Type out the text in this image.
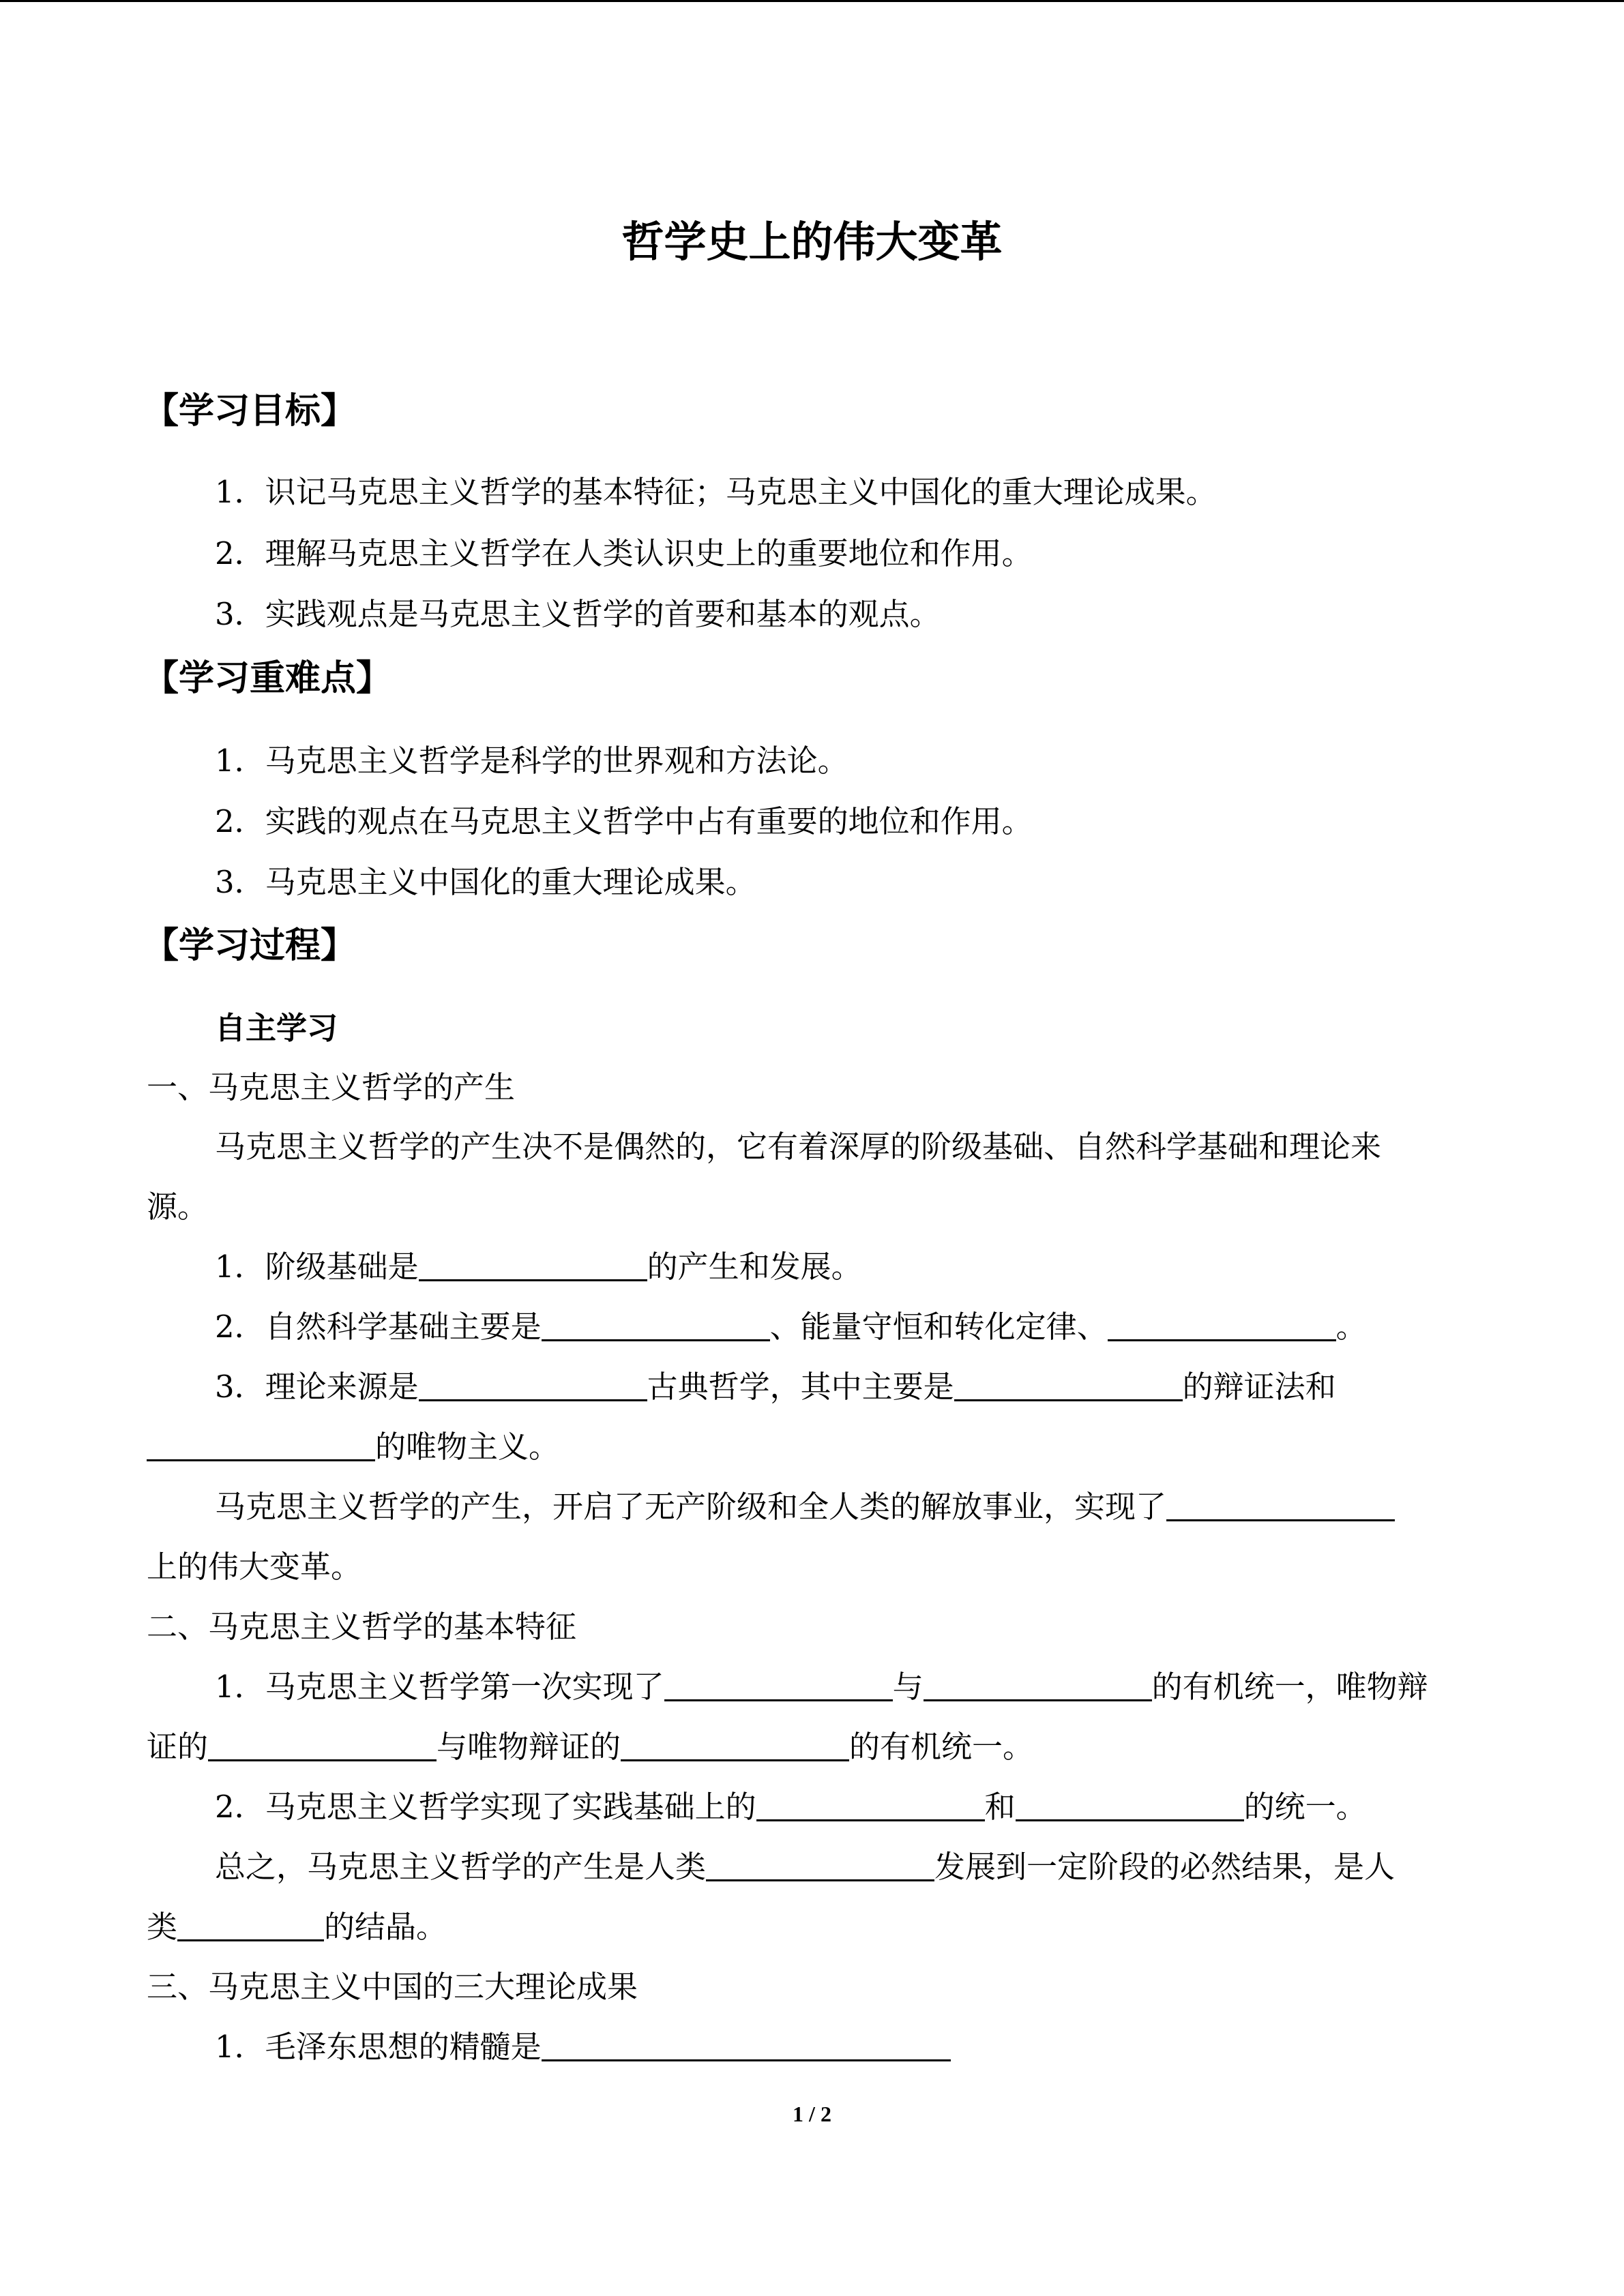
哲学史上的伟大变革
【学习目标】
1．识记马克思主义哲学的基本特征；马克思主义中国化的重大理论成果。
2．理解马克思主义哲学在人类认识史上的重要地位和作用。
3．实践观点是马克思主义哲学的首要和基本的观点。
【学习重难点】
1．马克思主义哲学是科学的世界观和方法论。
2．实践的观点在马克思主义哲学中占有重要的地位和作用。
3．马克思主义中国化的重大理论成果。
【学习过程】
自主学习
一、马克思主义哲学的产生
马克思主义哲学的产生决不是偶然的，它有着深厚的阶级基础、自然科学基础和理论来
源。
1．阶级基础是	的产生和发展。
2．自然科学基础主要是	、能量守恒和转化定律、	。
3．理论来源是	古典哲学，其中主要是	的辩证法和
的唯物主义。
马克思主义哲学的产生，开启了无产阶级和全人类的解放事业，实现了
上的伟大变革。
二、马克思主义哲学的基本特征
1．马克思主义哲学第一次实现了	与	的有机统一，唯物辩
证的	与唯物辩证的	的有机统一。
2．马克思主义哲学实现了实践基础上的	和	的统一。
总之，马克思主义哲学的产生是人类	发展到一定阶段的必然结果，是人
类	的结晶。
三、马克思主义中国的三大理论成果
1．毛泽东思想的精髓是
1 / 2
